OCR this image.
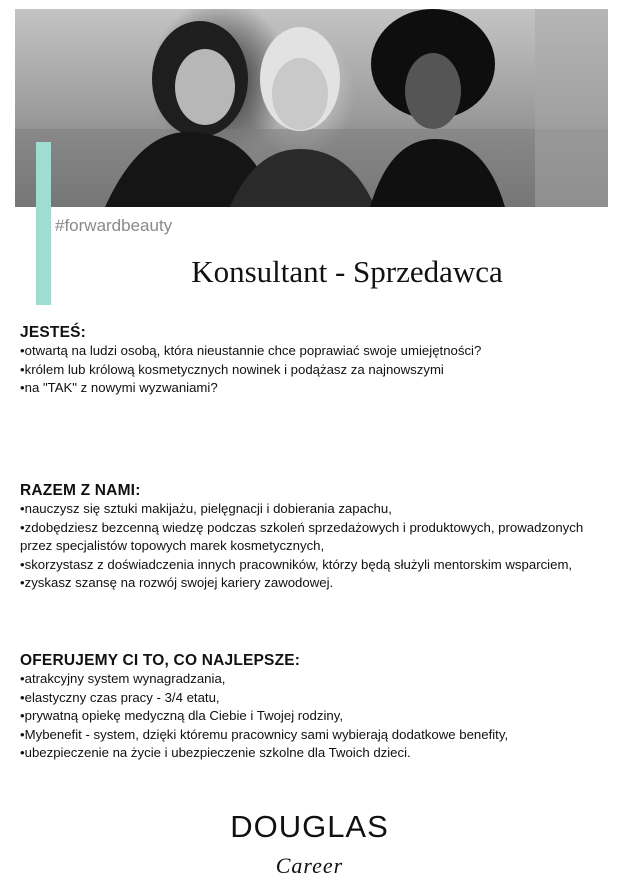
#forwardbeauty
Konsultant - Sprzedawca
JESTEŚ:
•otwartą na ludzi osobą, która nieustannie chce poprawiać swoje umiejętności?
•królem lub królową kosmetycznych nowinek i podążasz za najnowszymi
•na "TAK" z nowymi wyzwaniami?
RAZEM Z NAMI:
•nauczysz się sztuki makijażu, pielęgnacji i dobierania zapachu,
•zdobędziesz bezcenną wiedzę podczas szkoleń sprzedażowych i produktowych, prowadzonych przez specjalistów topowych marek kosmetycznych,
•skorzystasz z doświadczenia innych pracowników, którzy będą służyli mentorskim wsparciem,
•zyskasz szansę na rozwój swojej kariery zawodowej.
OFERUJEMY CI TO, CO NAJLEPSZE:
•atrakcyjny system wynagradzania,
•elastyczny czas pracy - 3/4 etatu,
•prywatną opiekę medyczną dla Ciebie i Twojej rodziny,
•Mybenefit - system, dzięki któremu pracownicy sami wybierają dodatkowe benefity,
•ubezpieczenie na życie i ubezpieczenie szkolne dla Twoich dzieci.
DOUGLAS
Career
